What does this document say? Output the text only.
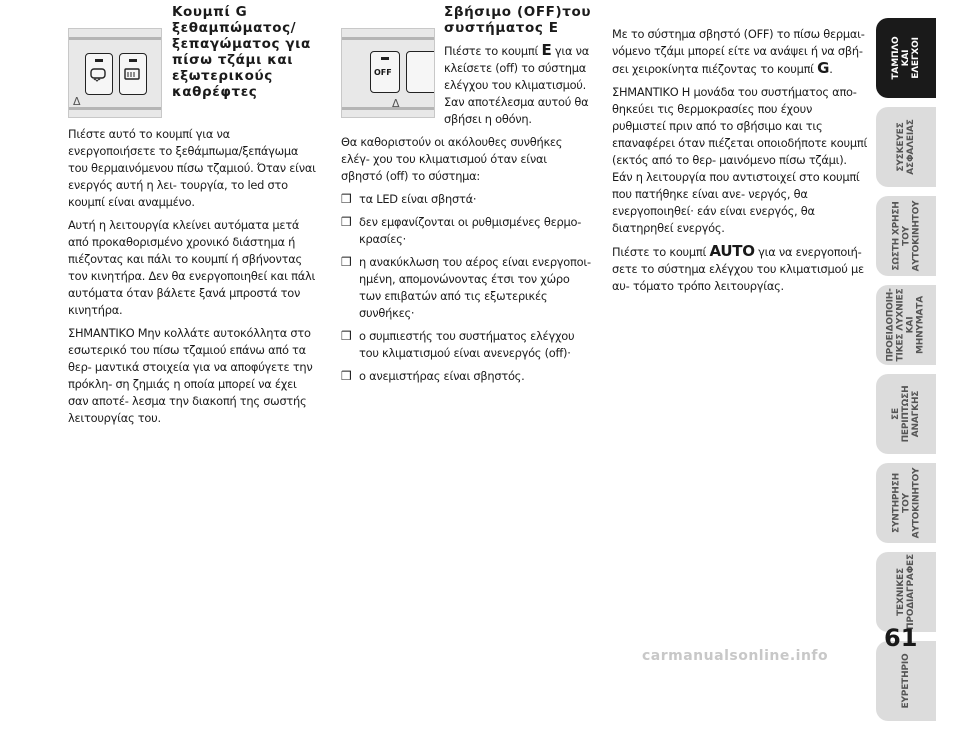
Δ

Πιέστε αυτό το κουμπί για να ενεργοποιήσετε το ξεθάμπωμα/ξεπάγωμα του θερμαινόμενου πίσω τζαμιού. Όταν είναι ενεργός αυτή η λει- τουργία, το led στο κουμπί είναι αναμμένο.

Αυτή η λειτουργία κλείνει αυτόματα μετά από προκαθορισμένο χρονικό διάστημα ή πιέζοντας και πάλι το κουμπί ή σβήνοντας τον κινητήρα. Δεν θα ενεργοποιηθεί και πάλι αυτόματα όταν βάλετε ξανά μπροστά τον κινητήρα.

ΣΗΜΑΝΤΙΚΟ Μην κολλάτε αυτοκόλλητα στο εσωτερικό του πίσω τζαμιού επάνω από τα θερ- μαντικά στοιχεία για να αποφύγετε την πρόκλη- ση ζημιάς η οποία μπορεί να έχει σαν αποτέ- λεσμα την διακοπή της σωστής λειτουργίας του.

Κουμπί G ξεθαμπώματος/ ξεπαγώματος για πίσω τζάμι και εξωτερικούς καθρέφτες
OFF
Δ
Σβήσιμο (OFF)του συστήματος E

Πιέστε το κουμπί E για να κλείσετε (off) το σύστημα ελέγχου του κλιματισμού. Σαν αποτέλεσμα αυτού θα σβήσει η οθόνη.

Θα καθοριστούν οι ακόλουθες συνθήκες ελέγ- χου του κλιματισμού όταν είναι σβηστό (off) το σύστημα:

❒ τα LED είναι σβηστά·
❒ δεν εμφανίζονται οι ρυθμισμένες θερμο- κρασίες·
❒ η ανακύκλωση του αέρος είναι ενεργοποι- ημένη, απομονώνοντας έτσι τον χώρο των επιβατών από τις εξωτερικές συνθήκες·
❒ ο συμπιεστής του συστήματος ελέγχου του κλιματισμού είναι ανενεργός (off)·
❒ ο ανεμιστήρας είναι σβηστός.

Με το σύστημα σβηστό (OFF) το πίσω θερμαι- νόμενο τζάμι μπορεί είτε να ανάψει ή να σβή- σει χειροκίνητα πιέζοντας το κουμπί G.

ΣΗΜΑΝΤΙΚΟ Η μονάδα του συστήματος απο- θηκεύει τις θερμοκρασίες που έχουν ρυθμιστεί πριν από το σβήσιμο και τις επαναφέρει όταν πιέζεται οποιοδήποτε κουμπί (εκτός από το θερ- μαινόμενο πίσω τζάμι). Εάν η λειτουργία που αντιστοιχεί στο κουμπί που πατήθηκε είναι ανε- νεργός, θα ενεργοποιηθεί· εάν είναι ενεργός, θα διατηρηθεί ενεργός.

Πιέστε το κουμπί AUTO για να ενεργοποιή- σετε το σύστημα ελέγχου του κλιματισμού με αυ- τόματο τρόπο λειτουργίας.

ΤΑΜΠΛΟ
ΚΑΙ
ΕΛΕΓΧΟΙ
ΣΥΣΚΕΥΕΣ
ΑΣΦΑΛΕΙΑΣ
ΣΩΣΤΗ ΧΡΗΣΗ
ΤΟΥ
ΑΥΤΟΚΙΝΗΤΟΥ
ΠΡΟΕΙΔΟΠΟΙΗ-
ΤΙΚΕΣ ΛΥΧΝΙΕΣ
ΚΑΙ ΜΗΝΥΜΑΤΑ
ΣΕ ΠΕΡΙΠΤΩΣΗ
ΑΝΑΓΚΗΣ
ΣΥΝΤΗΡΗΣΗ
ΤΟΥ
ΑΥΤΟΚΙΝΗΤΟΥ
ΤΕΧΝΙΚΕΣ
ΠΡΟΔΙΑΓΡΑΦΕΣ
ΕΥΡΕΤΗΡΙΟ
61
carmanualsonline.info
